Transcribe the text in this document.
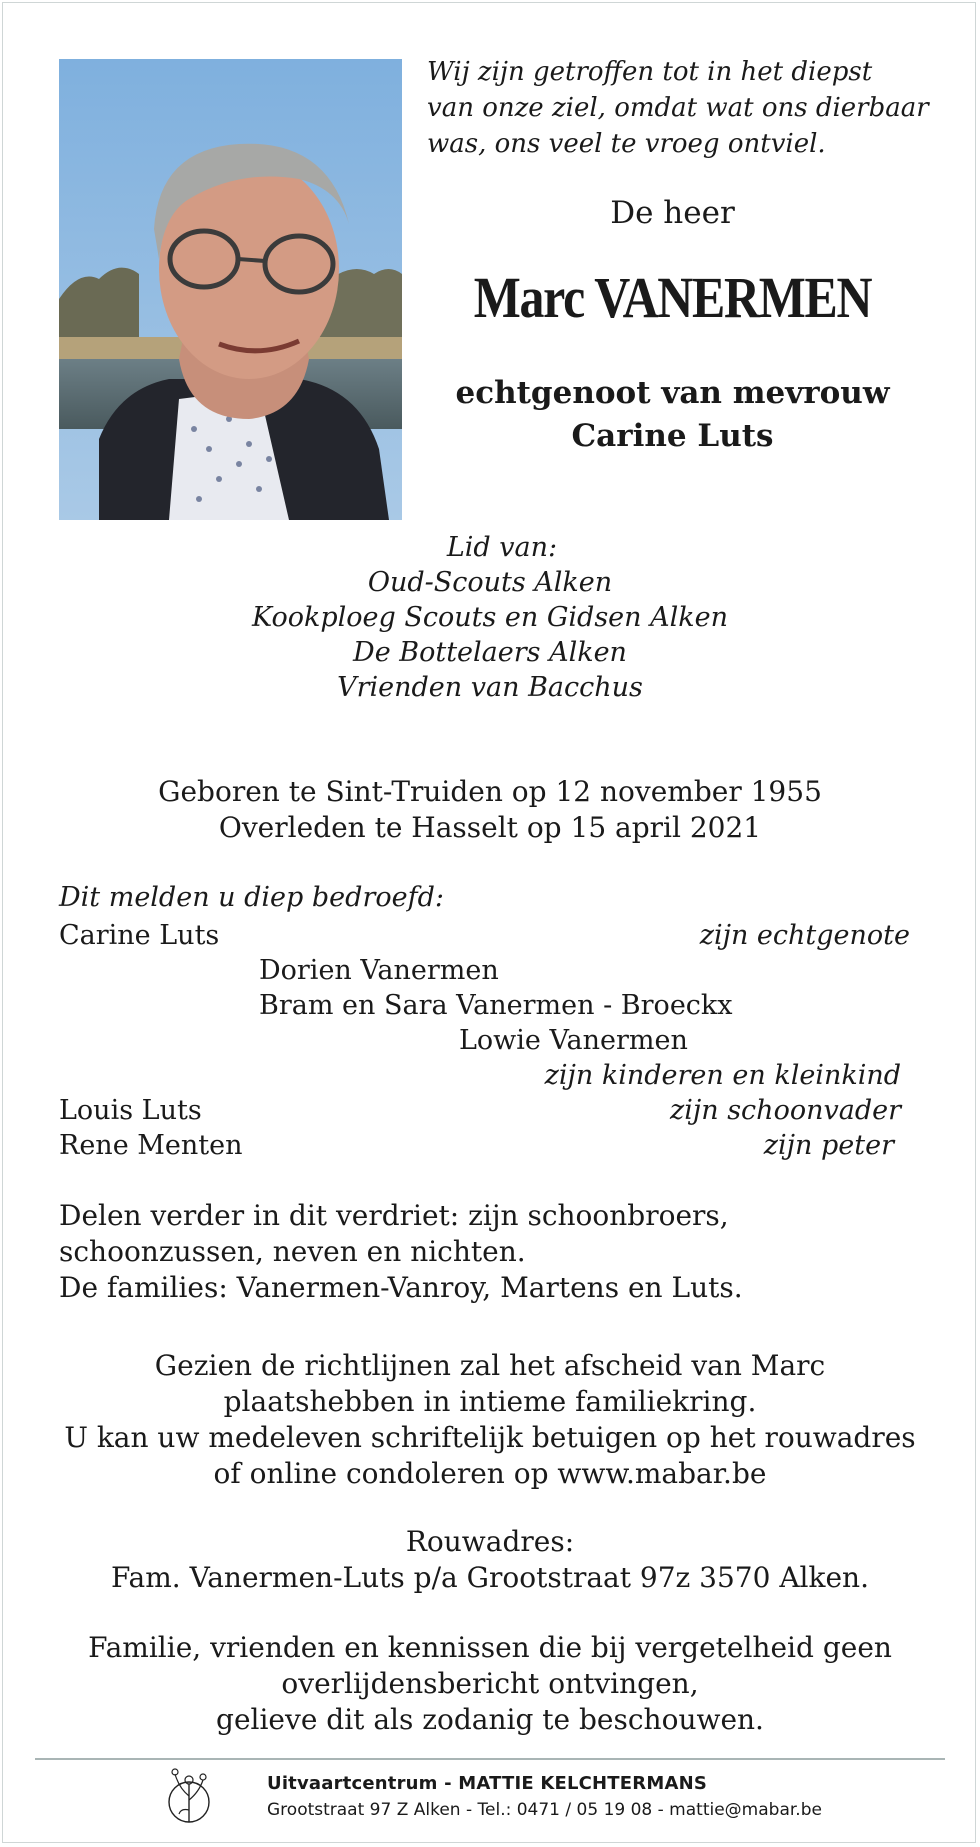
Wij zijn getroffen tot in het diepst
van onze ziel, omdat wat ons dierbaar
was, ons veel te vroeg ontviel.
De heer
Marc VANERMEN
echtgenoot van mevrouw
Carine Luts
Lid van:
Oud-Scouts Alken
Kookploeg Scouts en Gidsen Alken
De Bottelaers Alken
Vrienden van Bacchus
Geboren te Sint-Truiden op 12 november 1955
Overleden te Hasselt op 15 april 2021
Dit melden u diep bedroefd:
Carine Luts	zijn echtgenote
Dorien Vanermen
Bram en Sara Vanermen - Broeckx
Lowie Vanermen
zijn kinderen en kleinkind
Louis Luts	zijn schoonvader
Rene Menten	zijn peter
Delen verder in dit verdriet: zijn schoonbroers,
schoonzussen, neven en nichten.
De families: Vanermen-Vanroy, Martens en Luts.
Gezien de richtlijnen zal het afscheid van Marc
plaatshebben in intieme familiekring.
U kan uw medeleven schriftelijk betuigen op het rouwadres
of online condoleren op www.mabar.be
Rouwadres:
Fam. Vanermen-Luts p/a Grootstraat 97z 3570 Alken.
Familie, vrienden en kennissen die bij vergetelheid geen
overlijdensbericht ontvingen,
gelieve dit als zodanig te beschouwen.
Uitvaartcentrum - MATTIE KELCHTERMANS
Grootstraat 97 Z Alken - Tel.: 0471 / 05 19 08 - mattie@mabar.be
